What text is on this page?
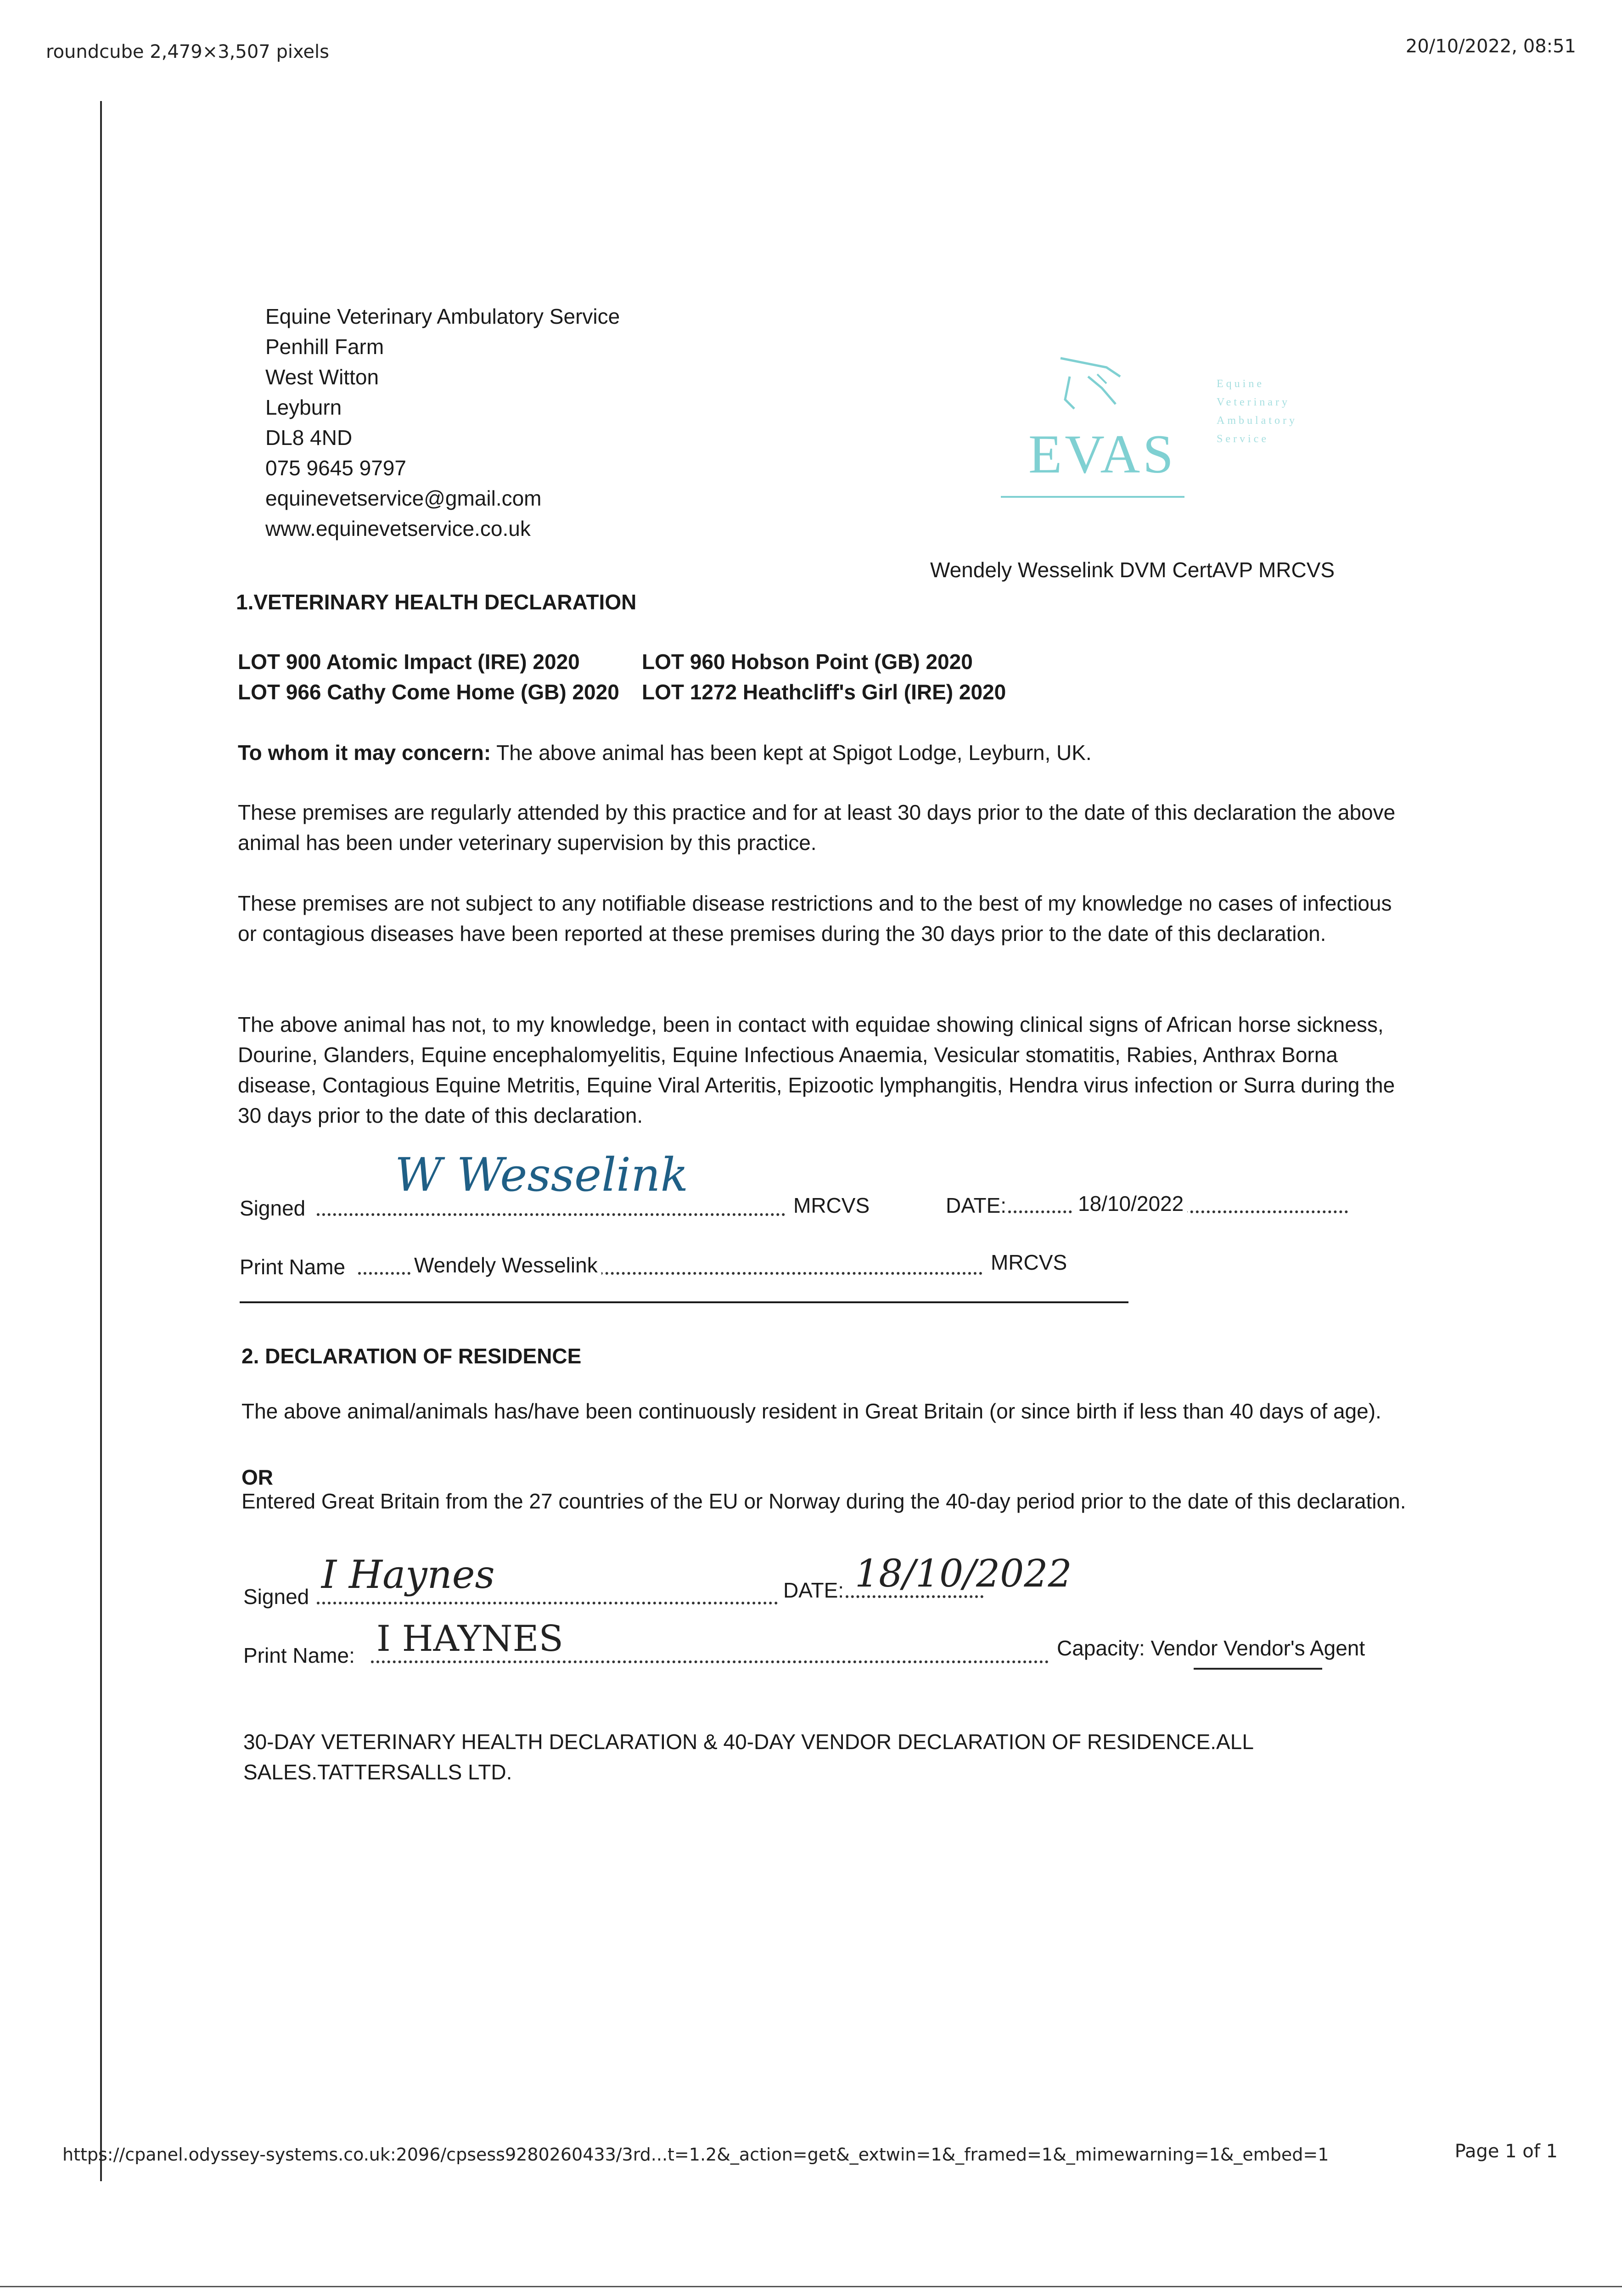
roundcube 2,479×3,507 pixels	20/10/2022, 08:51
Equine Veterinary Ambulatory Service
Penhill Farm
West Witton
Leyburn
DL8 4ND
075 9645 9797
equinevetservice@gmail.com
www.equinevetservice.co.uk
EVAS
Equine
Veterinary
Ambulatory
Service
Wendely Wesselink DVM CertAVP MRCVS
1.VETERINARY HEALTH DECLARATION
LOT 900 Atomic Impact (IRE) 2020	LOT 960 Hobson Point (GB) 2020
LOT 966 Cathy Come Home (GB) 2020 LOT 1272 Heathcliff's Girl (IRE) 2020
To whom it may concern: The above animal has been kept at Spigot Lodge, Leyburn, UK.
These premises are regularly attended by this practice and for at least 30 days prior to the date of this declaration the above animal has been under veterinary supervision by this practice.
These premises are not subject to any notifiable disease restrictions and to the best of my knowledge no cases of infectious or contagious diseases have been reported at these premises during the 30 days prior to the date of this declaration.
The above animal has not, to my knowledge, been in contact with equidae showing clinical signs of African horse sickness, Dourine, Glanders, Equine encephalomyelitis, Equine Infectious Anaemia, Vesicular stomatitis, Rabies, Anthrax Borna disease, Contagious Equine Metritis, Equine Viral Arteritis, Epizootic lymphangitis, Hendra virus infection or Surra during the 30 days prior to the date of this declaration.
Signed
W Wesselink
MRCVS	DATE:	18/10/2022
Print Name	Wendely Wesselink	MRCVS
2. DECLARATION OF RESIDENCE
The above animal/animals has/have been continuously resident in Great Britain (or since birth if less than 40 days of age).
OR
Entered Great Britain from the 27 countries of the EU or Norway during the 40-day period prior to the date of this declaration.
Signed I Haynes	DATE: 18/10/2022
Print Name: I HAYNES	Capacity: Vendor Vendor's Agent
30-DAY VETERINARY HEALTH DECLARATION & 40-DAY VENDOR DECLARATION OF RESIDENCE.ALL
SALES.TATTERSALLS LTD.
https://cpanel.odyssey-systems.co.uk:2096/cpsess9280260433/3rd...t=1.2&_action=get&_extwin=1&_framed=1&_mimewarning=1&_embed=1	Page 1 of 1
